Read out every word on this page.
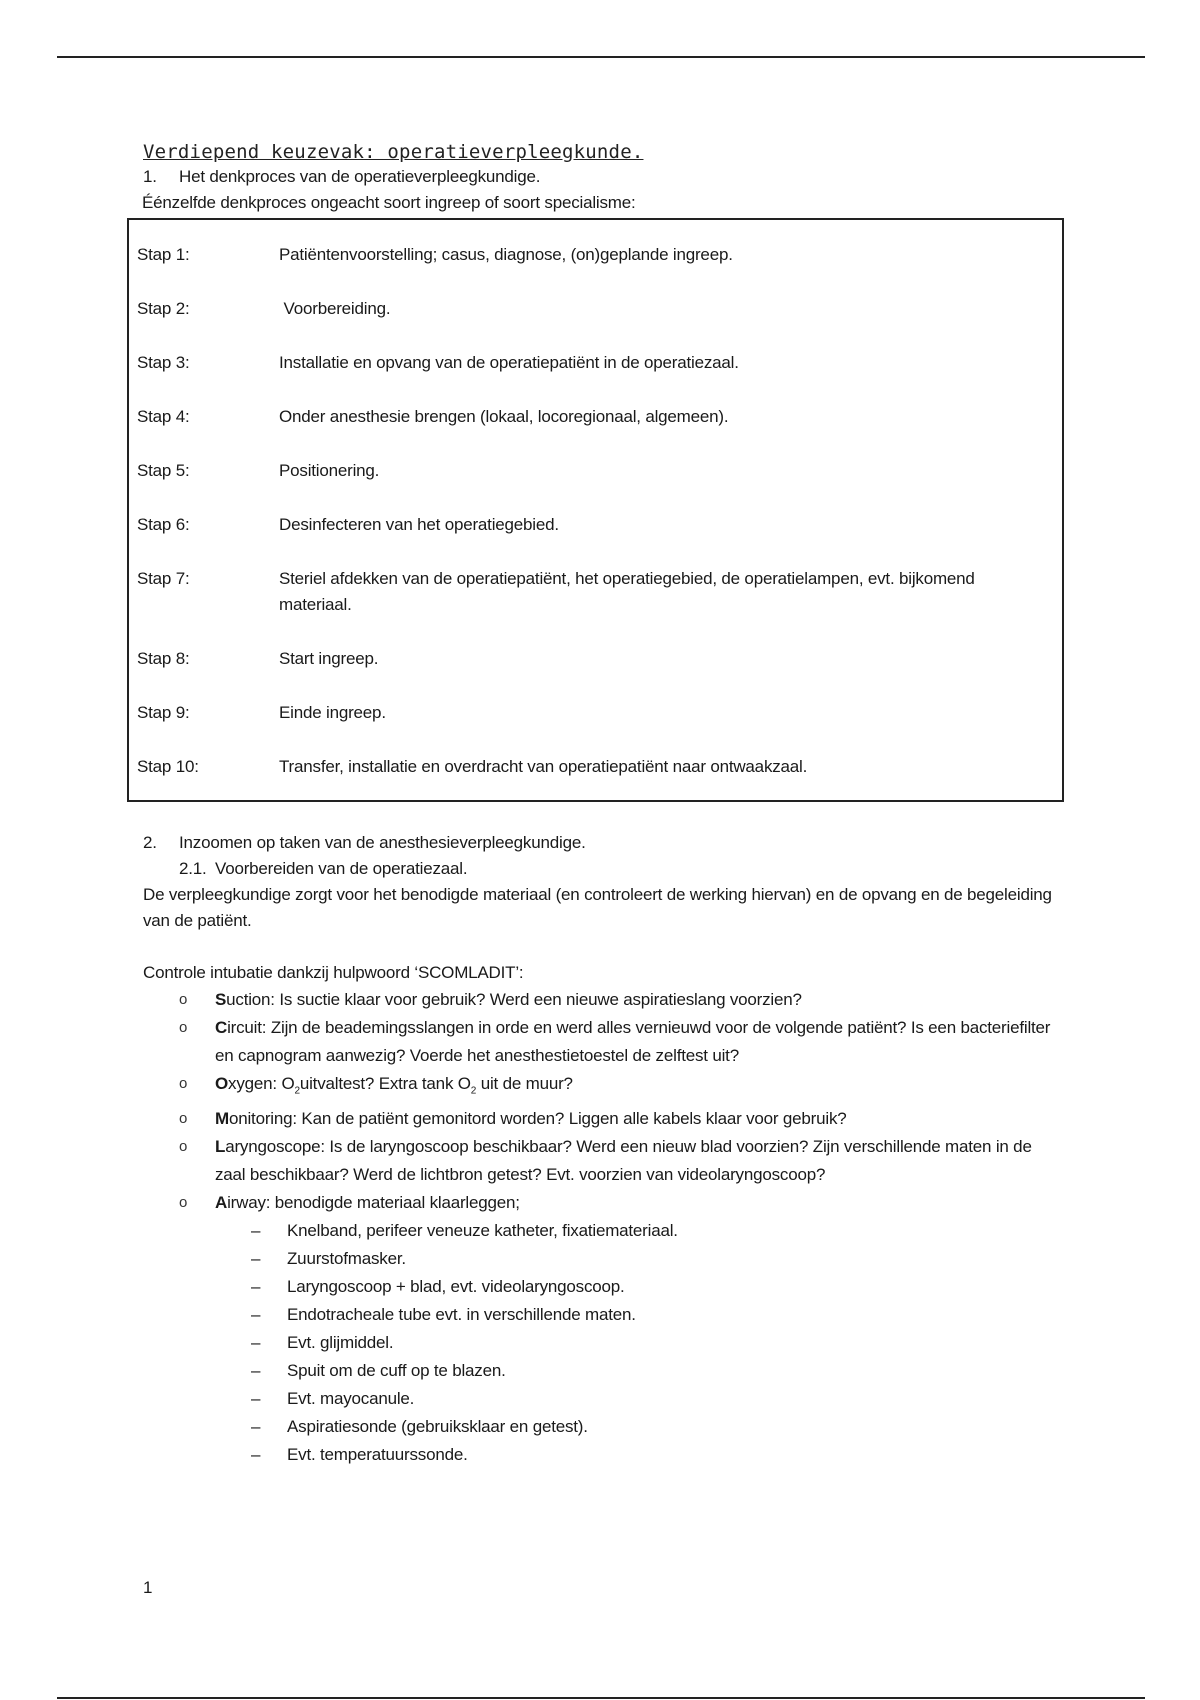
Verdiepend keuzevak: operatieverpleegkunde.
1. Het denkproces van de operatieverpleegkundige.
Éénzelfde denkproces ongeacht soort ingreep of soort specialisme:
Stap 1:	Patiëntenvoorstelling; casus, diagnose, (on)geplande ingreep.
Stap 2:	Voorbereiding.
Stap 3:	Installatie en opvang van de operatiepatiënt in de operatiezaal.
Stap 4:	Onder anesthesie brengen (lokaal, locoregionaal, algemeen).
Stap 5:	Positionering.
Stap 6:	Desinfecteren van het operatiegebied.
Stap 7:	Steriel afdekken van de operatiepatiënt, het operatiegebied, de operatielampen, evt. bijkomend materiaal.
Stap 8:	Start ingreep.
Stap 9:	Einde ingreep.
Stap 10:	Transfer, installatie en overdracht van operatiepatiënt naar ontwaakzaal.
2. Inzoomen op taken van de anesthesieverpleegkundige.
2.1. Voorbereiden van de operatiezaal.
De verpleegkundige zorgt voor het benodigde materiaal (en controleert de werking hiervan) en de opvang en de begeleiding van de patiënt.
Controle intubatie dankzij hulpwoord ‘SCOMLADIT’:
o Suction: Is suctie klaar voor gebruik? Werd een nieuwe aspiratieslang voorzien?
o Circuit: Zijn de beademingsslangen in orde en werd alles vernieuwd voor de volgende patiënt? Is een bacteriefilter en capnogram aanwezig? Voerde het anesthestietoestel de zelftest uit?
o Oxygen: $O_2uitvaltest$? Extra tank $O_2$ uit de muur?
o Monitoring: Kan de patiënt gemonitord worden? Liggen alle kabels klaar voor gebruik?
o Laryngoscope: Is de laryngoscoop beschikbaar? Werd een nieuw blad voorzien? Zijn verschillende maten in de zaal beschikbaar? Werd de lichtbron getest? Evt. voorzien van videolaryngoscoop?
o Airway: benodigde materiaal klaarleggen;
– Knelband, perifeer veneuze katheter, fixatiemateriaal.
– Zuurstofmasker.
– Laryngoscoop + blad, evt. videolaryngoscoop.
– Endotracheale tube evt. in verschillende maten.
– Evt. glijmiddel.
– Spuit om de cuff op te blazen.
– Evt. mayocanule.
– Aspiratiesonde (gebruiksklaar en getest).
– Evt. temperatuurssonde.
1
